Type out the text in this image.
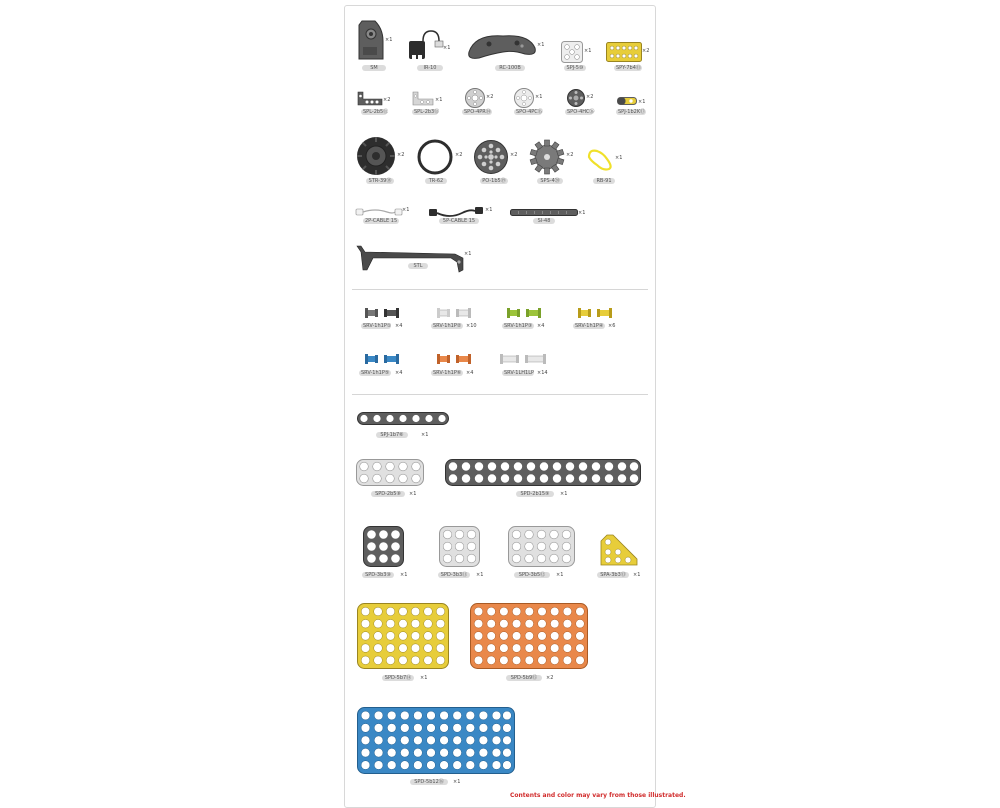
×1
SM
×1
IR-10
×1
RC-100B
×1
SPJ-5⑩
×2
SPY-7b4⑪
×2
SPL-2b5⑫
×1
SPL-2b3⑬
×2
SPO-4PR⑭
×1
SPO-4PC⑮
×2
SPO-4HC⑯
×1
SPJ-1b2K⑰
×2
STR-39⑱
×2
TR-62
×2
PO-1b5⑲
×2
SPS-4⑳
×1
RB-91
×1
2P-CABLE 15
×1
5P-CABLE 15
×1
SI-48
×1
STL
SRV-1h1P① ×4	SRV-1h1P② ×10	SRV-1h1P③ ×4	SRV-1h1P④ ×6
SRV-1h1P⑤	×4	SRV-1h1P⑥ ×4	SRV-1LH1LP ×14
SPJ-1b7⑥	×1
SPD-2b5⑧	×1	SPD-2b15⑨	×1
SPD-3b3⑩	×1	SPD-3b3⑪	×1	SPD-3b5⑫	×1	SPA-3b3⑬	×1
SPD-5b7⑭	×1	SPD-5b9⑮	×2
SPD-5b12⑯	×1
Contents and color may vary from those illustrated.
